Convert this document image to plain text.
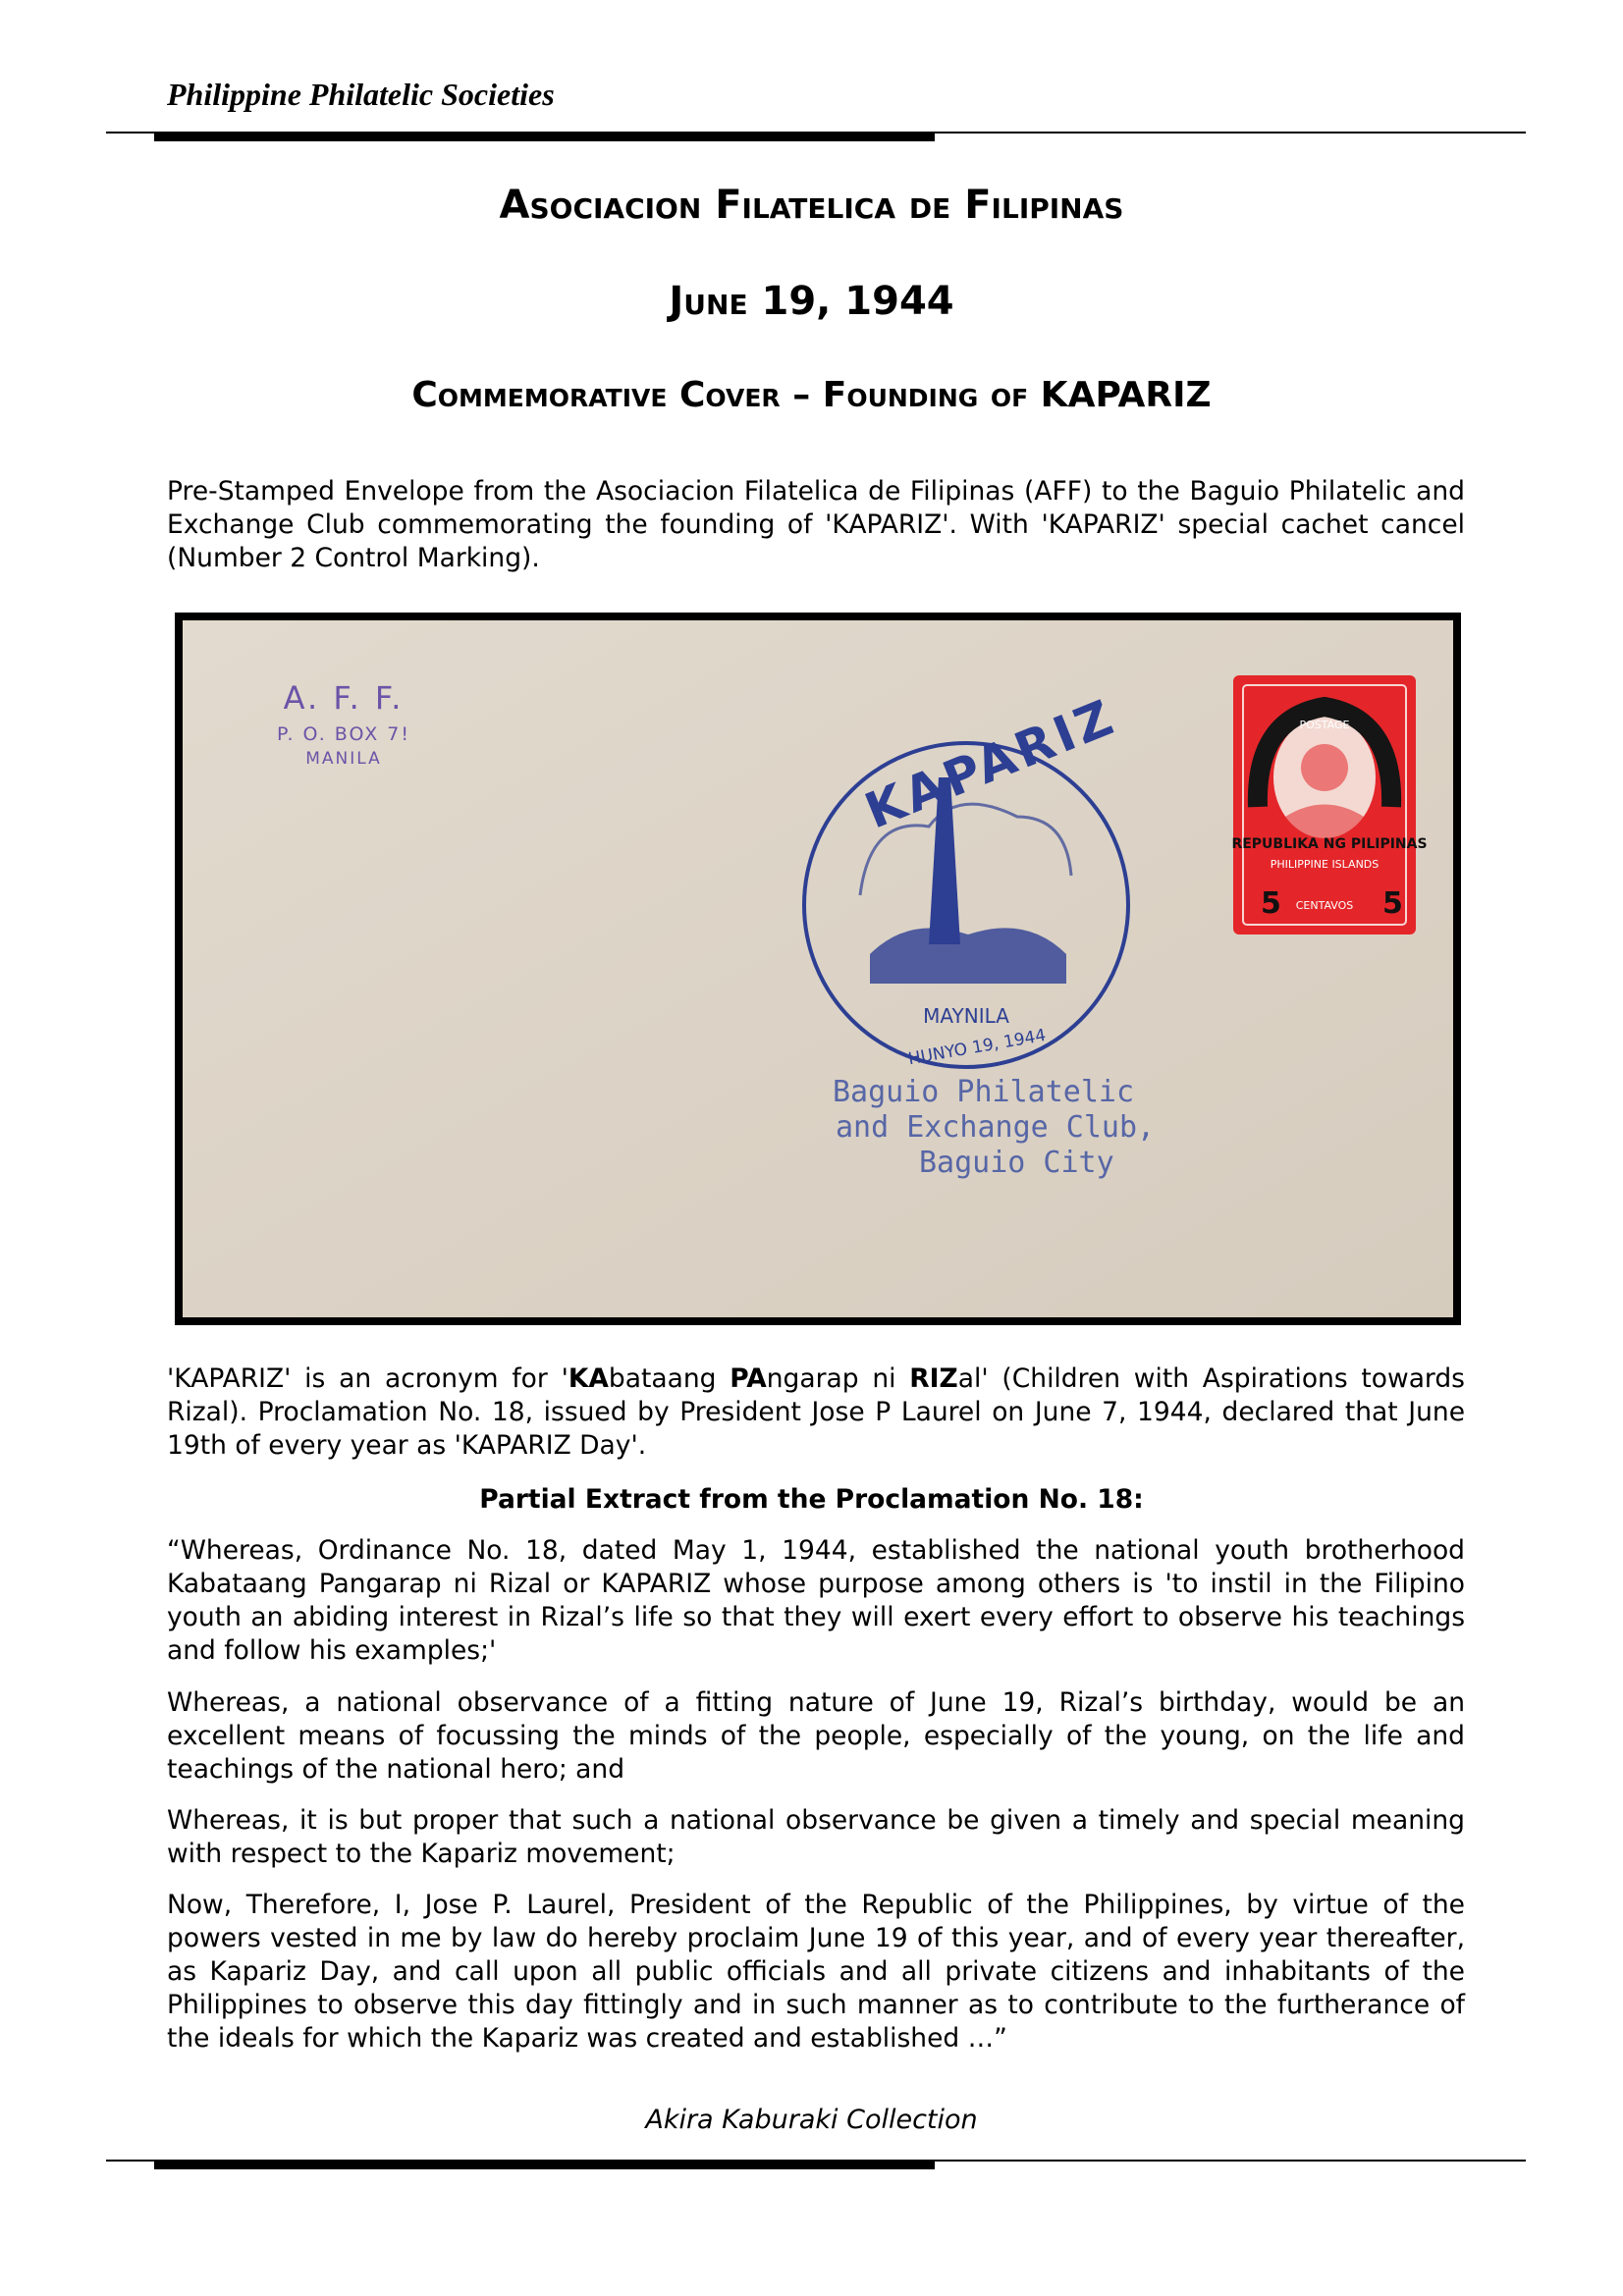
Philippine Philatelic Societies
Asociacion Filatelica de Filipinas
June 19, 1944
Commemorative Cover – Founding of KAPARIZ

Pre-Stamped Envelope from the Asociacion Filatelica de Filipinas (AFF) to the Baguio Philatelic and Exchange Club commemorating the founding of 'KAPARIZ'. With 'KAPARIZ' special cachet cancel (Number 2 Control Marking).

A. F. F.
P. O. BOX 7!
MANILA
POSTAGE
PHILIPPINE ISLANDS
REPUBLIKA NG PILIPINAS
5	5
CENTAVOS
KAPARIZ
MAYNILA
HUNYO 19, 1944
Baguio Philatelic
and Exchange Club,
Baguio City

'KAPARIZ' is an acronym for 'KAbataang PAngarap ni RIZal' (Children with Aspirations towards Rizal). Proclamation No. 18, issued by President Jose P Laurel on June 7, 1944, declared that June 19th of every year as 'KAPARIZ Day'.

Partial Extract from the Proclamation No. 18:

“Whereas, Ordinance No. 18, dated May 1, 1944, established the national youth brotherhood Kabataang Pangarap ni Rizal or KAPARIZ whose purpose among others is 'to instil in the Filipino youth an abiding interest in Rizal’s life so that they will exert every effort to observe his teachings and follow his examples;'

Whereas, a national observance of a fitting nature of June 19, Rizal’s birthday, would be an excellent means of focussing the minds of the people, especially of the young, on the life and teachings of the national hero; and

Whereas, it is but proper that such a national observance be given a timely and special meaning with respect to the Kapariz movement;

Now, Therefore, I, Jose P. Laurel, President of the Republic of the Philippines, by virtue of the powers vested in me by law do hereby proclaim June 19 of this year, and of every year thereafter, as Kapariz Day, and call upon all public officials and all private citizens and inhabitants of the Philippines to observe this day fittingly and in such manner as to contribute to the furtherance of the ideals for which the Kapariz was created and established …”

Akira Kaburaki Collection
